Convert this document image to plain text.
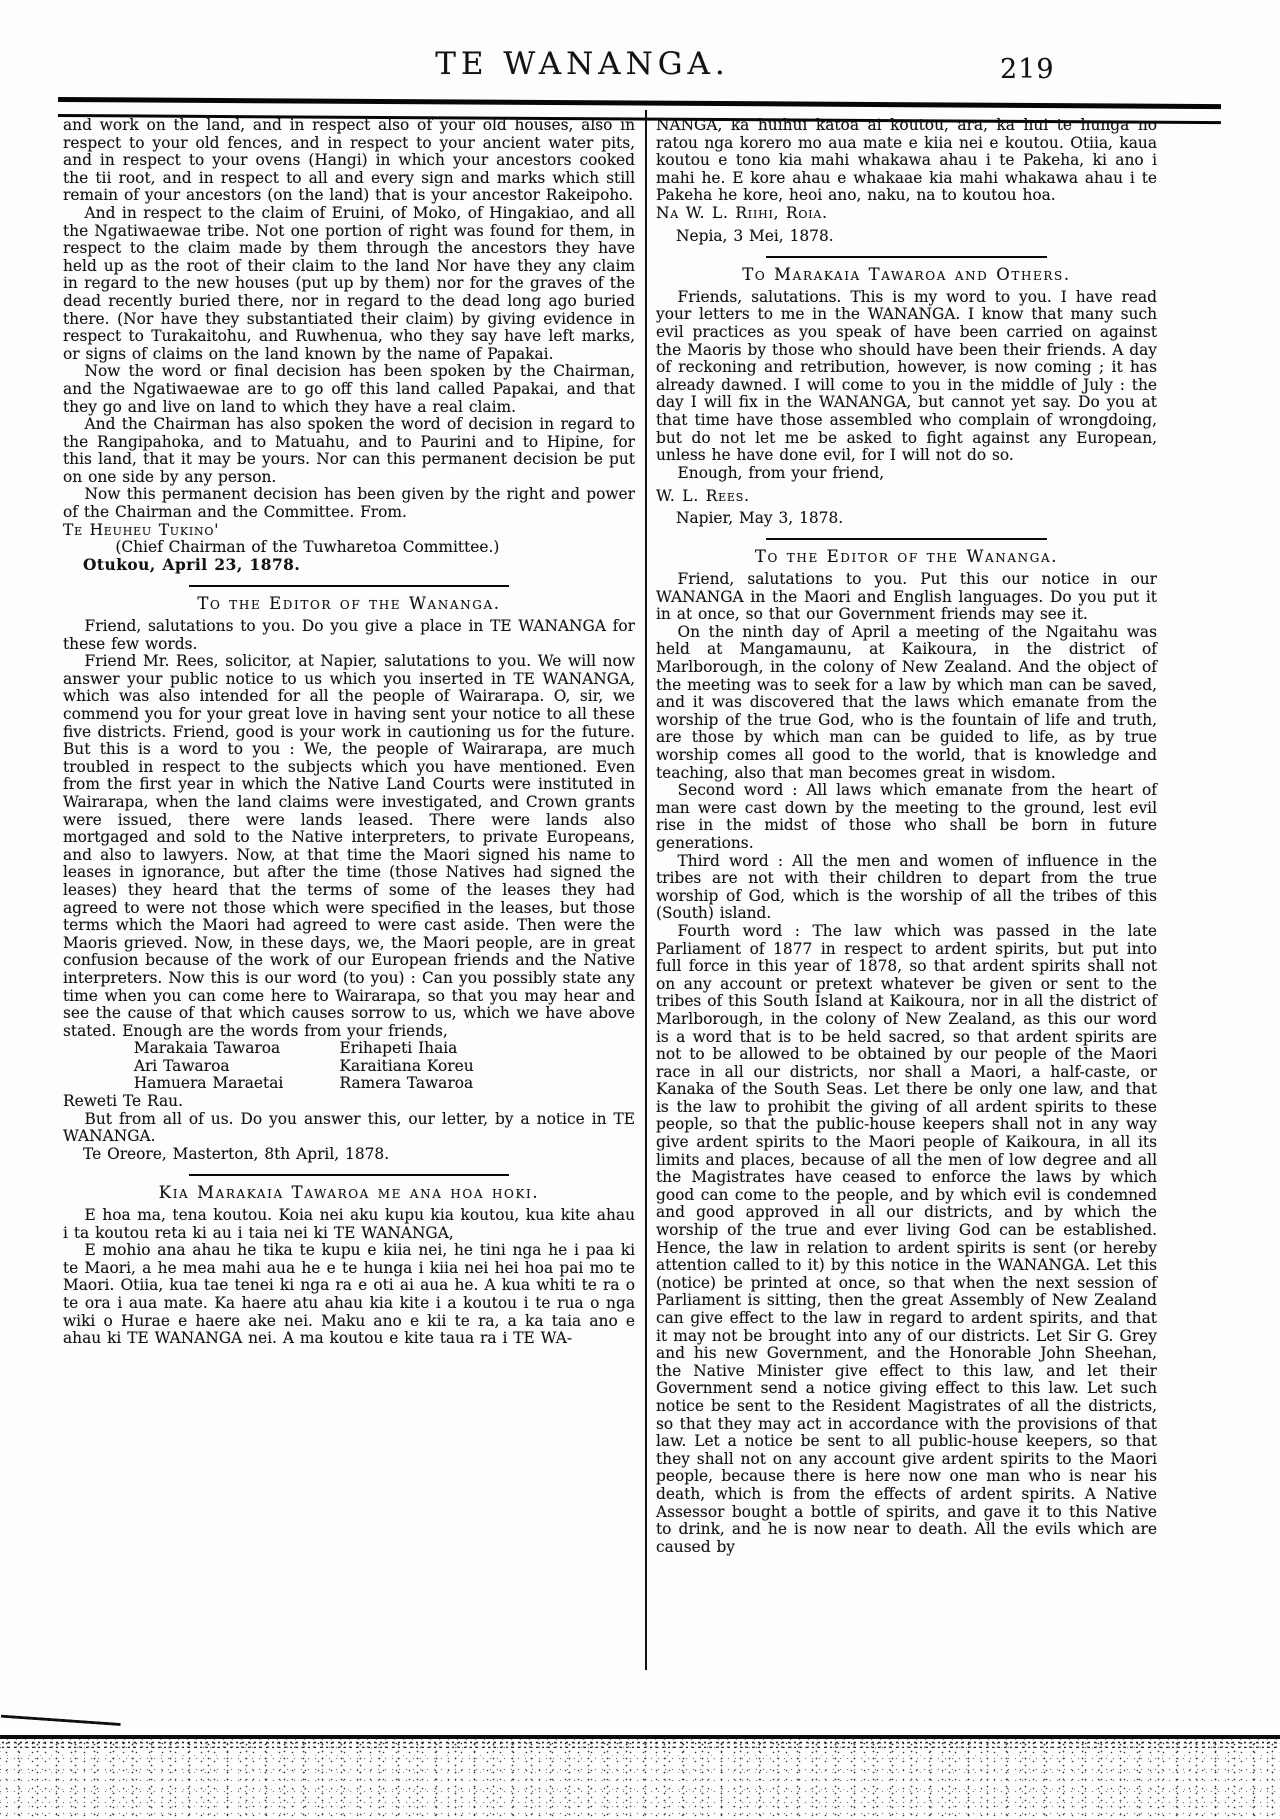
TE WANANGA.	219

and work on the land, and in respect also of your old houses, also in respect to your old fences, and in respect to your ancient water pits, and in respect to your ovens (Hangi) in which your ancestors cooked the tii root, and in respect to all and every sign and marks which still remain of your ancestors (on the land) that is your ancestor Rakeipoho.

And in respect to the claim of Eruini, of Moko, of Hingakiao, and all the Ngatiwaewae tribe. Not one portion of right was found for them, in respect to the claim made by them through the ancestors they have held up as the root of their claim to the land Nor have they any claim in regard to the new houses (put up by them) nor for the graves of the dead recently buried there, nor in regard to the dead long ago buried there. (Nor have they substantiated their claim) by giving evidence in respect to Turakaitohu, and Ruwhenua, who they say have left marks, or signs of claims on the land known by the name of Papakai.

Now the word or final decision has been spoken by the Chairman, and the Ngatiwaewae are to go off this land called Papakai, and that they go and live on land to which they have a real claim.

And the Chairman has also spoken the word of decision in regard to the Rangipahoka, and to Matuahu, and to Paurini and to Hipine, for this land, that it may be yours. Nor can this permanent decision be put on one side by any person.

Now this permanent decision has been given by the right and power of the Chairman and the Committee. From.

Te Heuheu Tukino'

(Chief Chairman of the Tuwharetoa Committee.)

Otukou, April 23, 1878.

To the Editor of the Wananga.

Friend, salutations to you. Do you give a place in TE WANANGA for these few words.

Friend Mr. Rees, solicitor, at Napier, salutations to you. We will now answer your public notice to us which you inserted in TE WANANGA, which was also intended for all the people of Wairarapa. O, sir, we commend you for your great love in having sent your notice to all these five districts. Friend, good is your work in cautioning us for the future. But this is a word to you : We, the people of Wairarapa, are much troubled in respect to the subjects which you have mentioned. Even from the first year in which the Native Land Courts were instituted in Wairarapa, when the land claims were investigated, and Crown grants were issued, there were lands leased. There were lands also mortgaged and sold to the Native interpreters, to private Europeans, and also to lawyers. Now, at that time the Maori signed his name to leases in ignorance, but after the time (those Natives had signed the leases) they heard that the terms of some of the leases they had agreed to were not those which were specified in the leases, but those terms which the Maori had agreed to were cast aside. Then were the Maoris grieved. Now, in these days, we, the Maori people, are in great confusion because of the work of our European friends and the Native interpreters. Now this is our word (to you) : Can you possibly state any time when you can come here to Wairarapa, so that you may hear and see the cause of that which causes sorrow to us, which we have above stated. Enough are the words from your friends,

Marakaia Tawaroa
Ari Tawaroa
Hamuera Maraetai
Erihapeti Ihaia
Karaitiana Koreu
Ramera Tawaroa

Reweti Te Rau.

But from all of us. Do you answer this, our letter, by a notice in TE WANANGA.

Te Oreore, Masterton, 8th April, 1878.

Kia Marakaia Tawaroa me ana hoa hoki.

E hoa ma, tena koutou. Koia nei aku kupu kia koutou, kua kite ahau i ta koutou reta ki au i taia nei ki TE WANANGA,

E mohio ana ahau he tika te kupu e kiia nei, he tini nga he i paa ki te Maori, a he mea mahi aua he e te hunga i kiia nei hei hoa pai mo te Maori. Otiia, kua tae tenei ki nga ra e oti ai aua he. A kua whiti te ra o te ora i aua mate. Ka haere atu ahau kia kite i a koutou i te rua o nga wiki o Hurae e haere ake nei. Maku ano e kii te ra, a ka taia ano e ahau ki TE WANANGA nei. A ma koutou e kite taua ra i TE WA-

NANGA, ka huihui katoa ai koutou, ara, ka hui te hunga no ratou nga korero mo aua mate e kiia nei e koutou. Otiia, kaua koutou e tono kia mahi whakawa ahau i te Pakeha, ki ano i mahi he. E kore ahau e whakaae kia mahi whakawa ahau i te Pakeha he kore, heoi ano, naku, na to koutou hoa.

Na W. L. Riihi, Roia.

Nepia, 3 Mei, 1878.

To Marakaia Tawaroa and Others.

Friends, salutations. This is my word to you. I have read your letters to me in the WANANGA. I know that many such evil practices as you speak of have been carried on against the Maoris by those who should have been their friends. A day of reckoning and retribution, however, is now coming ; it has already dawned. I will come to you in the middle of July : the day I will fix in the WANANGA, but cannot yet say. Do you at that time have those assembled who complain of wrongdoing, but do not let me be asked to fight against any European, unless he have done evil, for I will not do so.

Enough, from your friend,

W. L. Rees.

Napier, May 3, 1878.

To the Editor of the Wananga.

Friend, salutations to you. Put this our notice in our WANANGA in the Maori and English languages. Do you put it in at once, so that our Government friends may see it.

On the ninth day of April a meeting of the Ngaitahu was held at Mangamaunu, at Kaikoura, in the district of Marlborough, in the colony of New Zealand. And the object of the meeting was to seek for a law by which man can be saved, and it was discovered that the laws which emanate from the worship of the true God, who is the fountain of life and truth, are those by which man can be guided to life, as by true worship comes all good to the world, that is knowledge and teaching, also that man becomes great in wisdom.

Second word : All laws which emanate from the heart of man were cast down by the meeting to the ground, lest evil rise in the midst of those who shall be born in future generations.

Third word : All the men and women of influence in the tribes are not with their children to depart from the true worship of God, which is the worship of all the tribes of this (South) island.

Fourth word : The law which was passed in the late Parliament of 1877 in respect to ardent spirits, but put into full force in this year of 1878, so that ardent spirits shall not on any account or pretext whatever be given or sent to the tribes of this South Island at Kaikoura, nor in all the district of Marlborough, in the colony of New Zealand, as this our word is a word that is to be held sacred, so that ardent spirits are not to be allowed to be obtained by our people of the Maori race in all our districts, nor shall a Maori, a half-caste, or Kanaka of the South Seas. Let there be only one law, and that is the law to prohibit the giving of all ardent spirits to these people, so that the public-house keepers shall not in any way give ardent spirits to the Maori people of Kaikoura, in all its limits and places, because of all the men of low degree and all the Magistrates have ceased to enforce the laws by which good can come to the people, and by which evil is condemned and good approved in all our districts, and by which the worship of the true and ever living God can be established. Hence, the law in relation to ardent spirits is sent (or hereby attention called to it) by this notice in the WANANGA. Let this (notice) be printed at once, so that when the next session of Parliament is sitting, then the great Assembly of New Zealand can give effect to the law in regard to ardent spirits, and that it may not be brought into any of our districts. Let Sir G. Grey and his new Government, and the Honorable John Sheehan, the Native Minister give effect to this law, and let their Government send a notice giving effect to this law. Let such notice be sent to the Resident Magistrates of all the districts, so that they may act in accordance with the provisions of that law. Let a notice be sent to all public-house keepers, so that they shall not on any account give ardent spirits to the Maori people, because there is here now one man who is near his death, which is from the effects of ardent spirits. A Native Assessor bought a bottle of spirits, and gave it to this Native to drink, and he is now near to death. All the evils which are caused by
